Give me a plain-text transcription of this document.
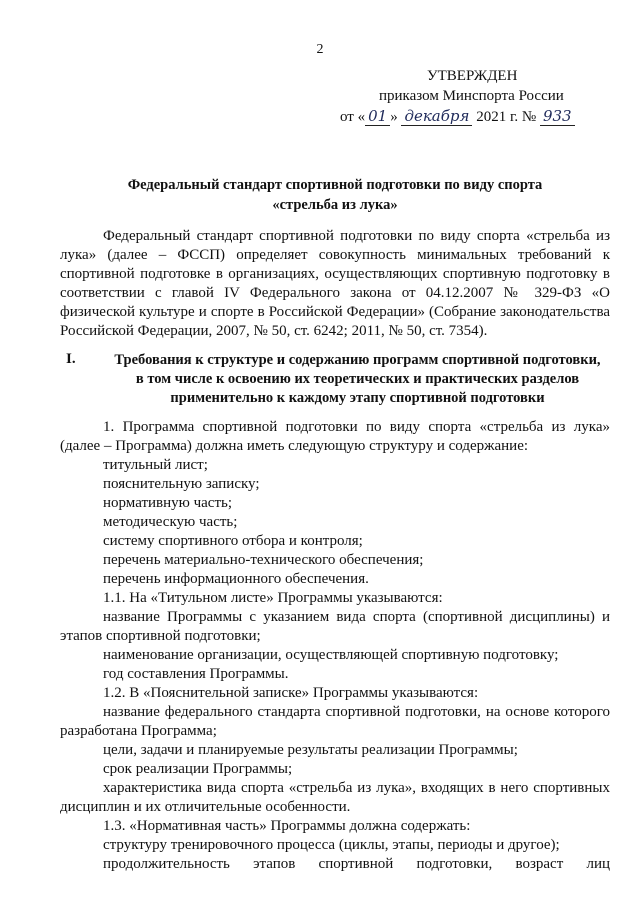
2
УТВЕРЖДЕН
приказом Минспорта России
от « 01 » декабря 2021 г. № 933
Федеральный стандарт спортивной подготовки по виду спорта
«стрельба из лука»

Федеральный стандарт спортивной подготовки по виду спорта «стрельба из лука» (далее – ФССП) определяет совокупность минимальных требований к спортивной подготовке в организациях, осуществляющих спортивную подготовку в соответствии с главой IV Федерального закона от 04.12.2007 № 329-ФЗ «О физической культуре и спорте в Российской Федерации» (Собрание законодательства Российской Федерации, 2007, № 50, ст. 6242; 2011, № 50, ст. 7354).

I.	Требования к структуре и содержанию программ спортивной подготовки,
в том числе к освоению их теоретических и практических разделов
применительно к каждому этапу спортивной подготовки

1. Программа спортивной подготовки по виду спорта «стрельба из лука» (далее – Программа) должна иметь следующую структуру и содержание:

титульный лист;

пояснительную записку;

нормативную часть;

методическую часть;

систему спортивного отбора и контроля;

перечень материально-технического обеспечения;

перечень информационного обеспечения.

1.1. На «Титульном листе» Программы указываются:

название Программы с указанием вида спорта (спортивной дисциплины) и этапов спортивной подготовки;

наименование организации, осуществляющей спортивную подготовку;

год составления Программы.

1.2. В «Пояснительной записке» Программы указываются:

название федерального стандарта спортивной подготовки, на основе которого разработана Программа;

цели, задачи и планируемые результаты реализации Программы;

срок реализации Программы;

характеристика вида спорта «стрельба из лука», входящих в него спортивных дисциплин и их отличительные особенности.

1.3. «Нормативная часть» Программы должна содержать:

структуру тренировочного процесса (циклы, этапы, периоды и другое);

продолжительность этапов спортивной подготовки, возраст лиц
